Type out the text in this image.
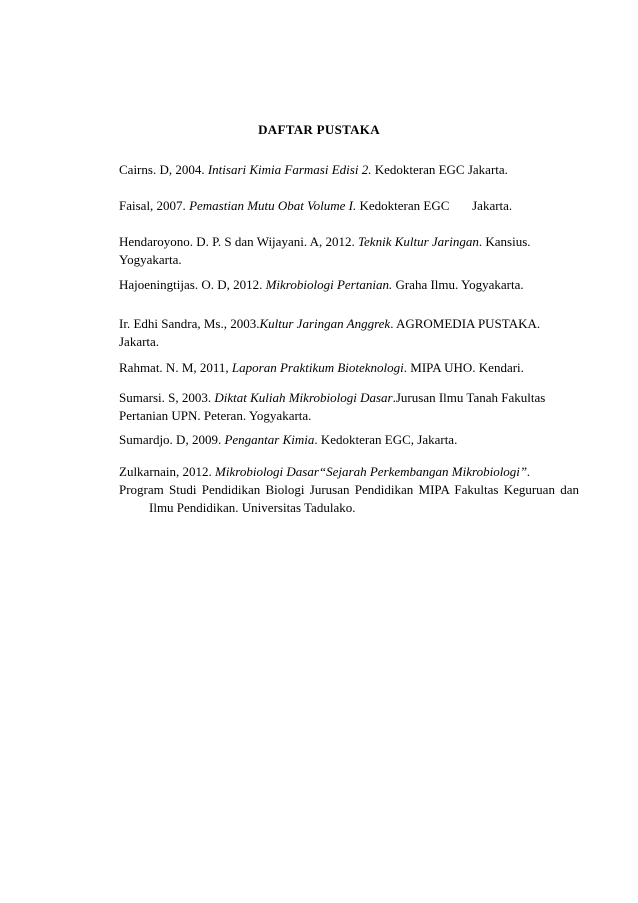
DAFTAR PUSTAKA

Cairns. D, 2004. Intisari Kimia Farmasi Edisi 2. Kedokteran EGC Jakarta.

Faisal, 2007. Pemastian Mutu Obat Volume I. Kedokteran EGC       Jakarta.

Hendaroyono. D. P. S dan Wijayani. A, 2012. Teknik Kultur Jaringan. Kansius.
Yogyakarta.

Hajoeningtijas. O. D, 2012. Mikrobiologi Pertanian. Graha Ilmu. Yogyakarta.

Ir. Edhi Sandra, Ms., 2003.Kultur Jaringan Anggrek. AGROMEDIA PUSTAKA.
Jakarta.

Rahmat. N. M, 2011, Laporan Praktikum Bioteknologi. MIPA UHO. Kendari.

Sumarsi. S, 2003. Diktat Kuliah Mikrobiologi Dasar.Jurusan Ilmu Tanah Fakultas
Pertanian UPN. Peteran. Yogyakarta.

Sumardjo. D, 2009. Pengantar Kimia. Kedokteran EGC, Jakarta.

Zulkarnain, 2012. Mikrobiologi Dasar“Sejarah Perkembangan Mikrobiologi”.
Program Studi Pendidikan Biologi Jurusan Pendidikan MIPA Fakultas Keguruan dan Ilmu Pendidikan. Universitas Tadulako.
